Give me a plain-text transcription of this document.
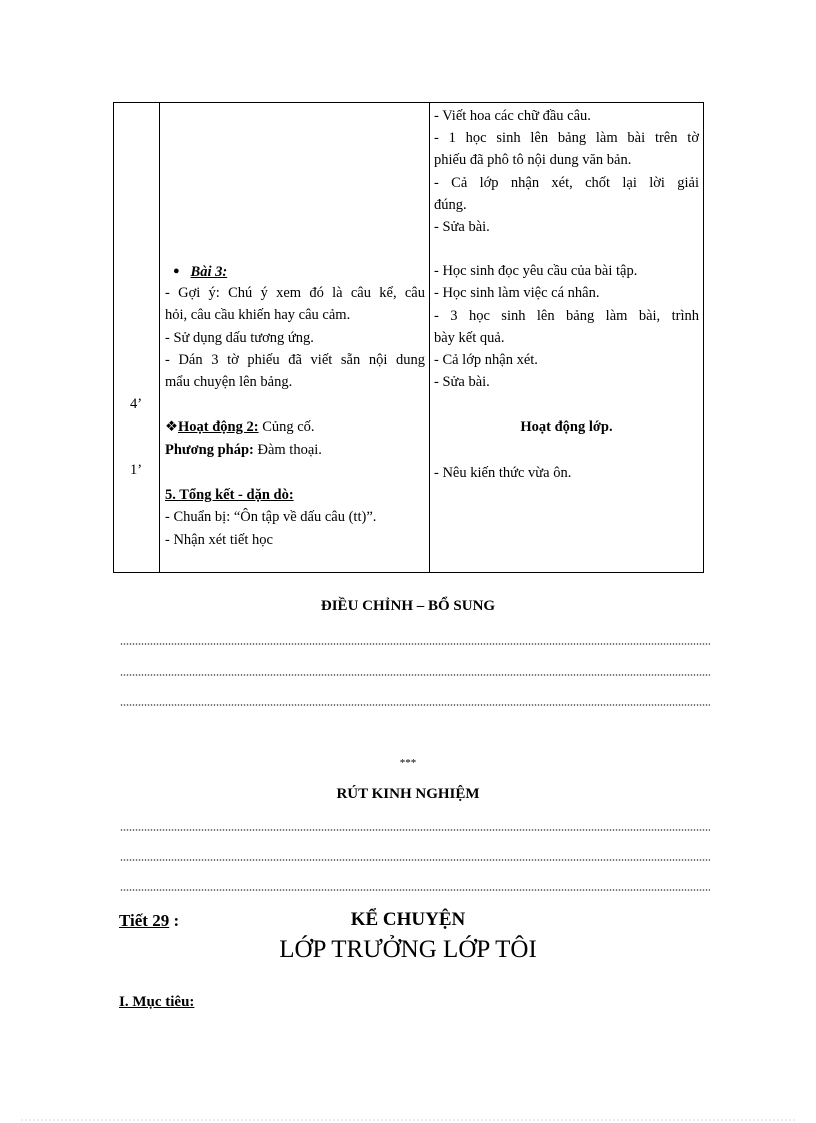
4’
1’
● Bài 3:
- Gợi ý: Chú ý xem đó là câu kể, câu
hỏi, câu cầu khiến hay câu cảm.
- Sử dụng dấu tương ứng.
- Dán 3 tờ phiếu đã viết sẵn nội dung
mẩu chuyện lên bảng.
❖Hoạt động 2: Củng cố.
Phương pháp: Đàm thoại.
5. Tổng kết - dặn dò:
- Chuẩn bị: “Ôn tập về dấu câu (tt)”.
- Nhận xét tiết học
- Viết hoa các chữ đầu câu.
- 1 học sinh lên bảng làm bài trên tờ
phiếu đã phô tô nội dung văn bản.
- Cả lớp nhận xét, chốt lại lời giải
đúng.
- Sửa bài.
- Học sinh đọc yêu cầu của bài tập.
- Học sinh làm việc cá nhân.
- 3 học sinh lên bảng làm bài, trình
bày kết quả.
- Cả lớp nhận xét.
- Sửa bài.
Hoạt động lớp.
- Nêu kiến thức vừa ôn.
ĐIỀU CHỈNH – BỔ SUNG
***
RÚT KINH NGHIỆM
Tiết 29 :	KỂ CHUYỆN
LỚP TRƯỞNG LỚP TÔI
I. Mục tiêu:
